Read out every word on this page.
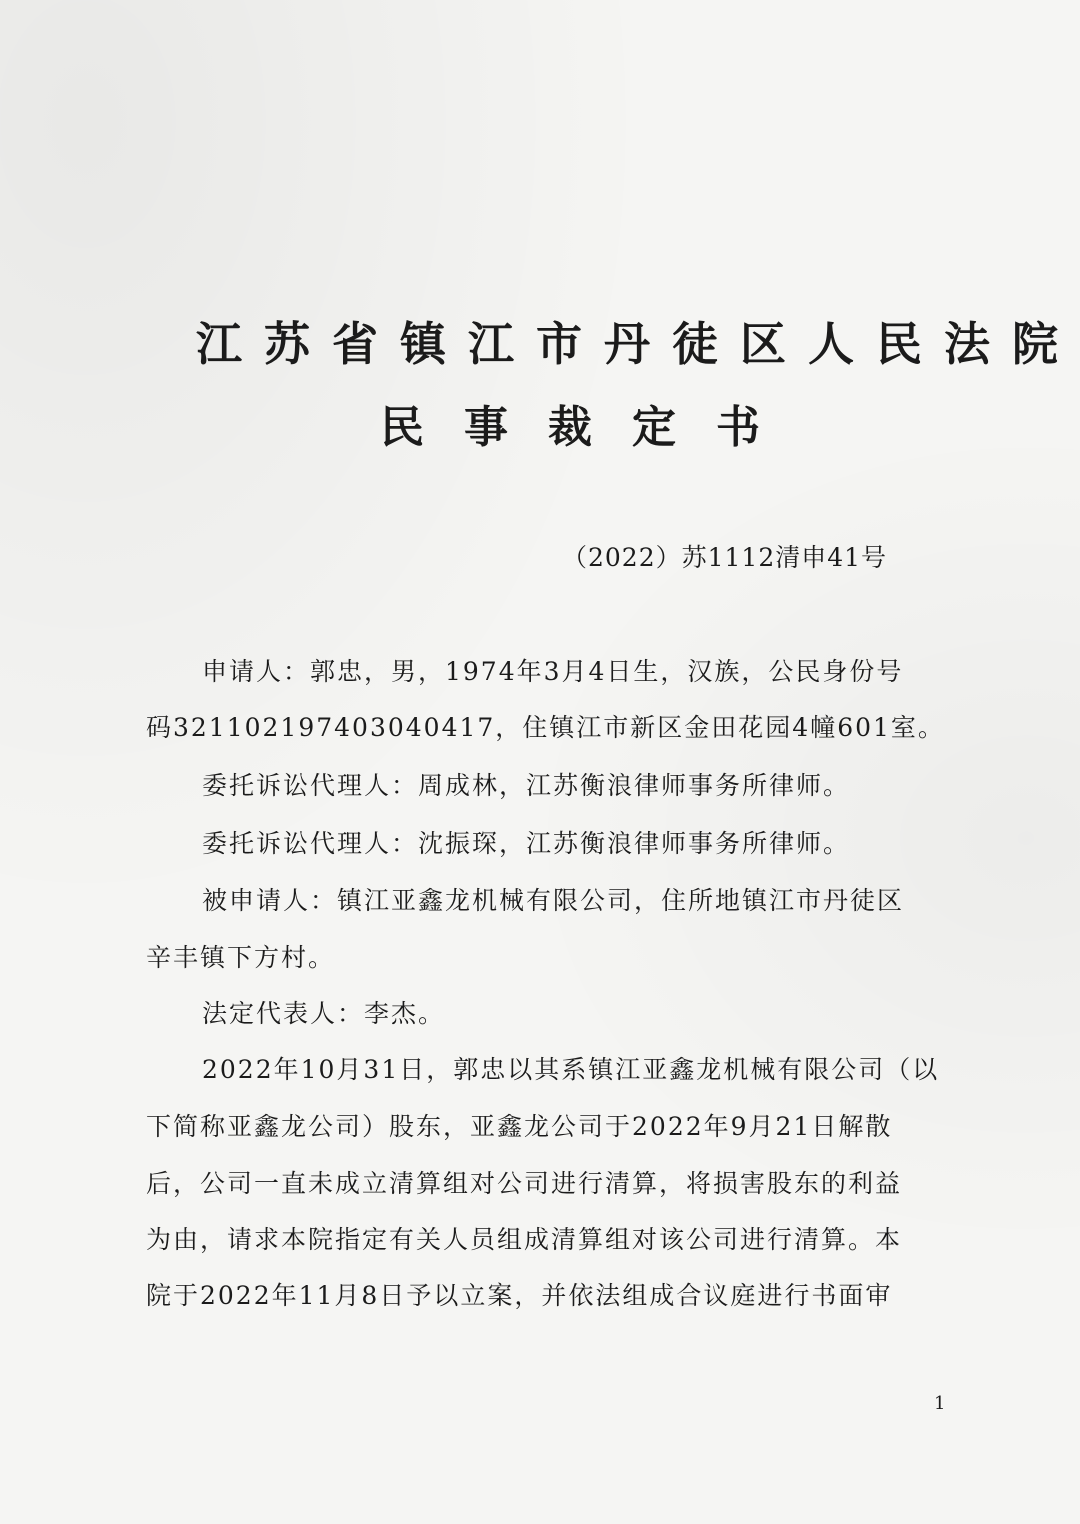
江苏省镇江市丹徒区人民法院
民事裁定书
（2022）苏1112清申41号
申请人：郭忠，男，1974年3月4日生，汉族，公民身份号
码321102197403040417，住镇江市新区金田花园4幢601室。
委托诉讼代理人：周成林，江苏衡浪律师事务所律师。
委托诉讼代理人：沈振琛，江苏衡浪律师事务所律师。
被申请人：镇江亚鑫龙机械有限公司，住所地镇江市丹徒区
辛丰镇下方村。
法定代表人：李杰。
2022年10月31日，郭忠以其系镇江亚鑫龙机械有限公司（以
下简称亚鑫龙公司）股东，亚鑫龙公司于2022年9月21日解散
后，公司一直未成立清算组对公司进行清算，将损害股东的利益
为由，请求本院指定有关人员组成清算组对该公司进行清算。本
院于2022年11月8日予以立案，并依法组成合议庭进行书面审
1
